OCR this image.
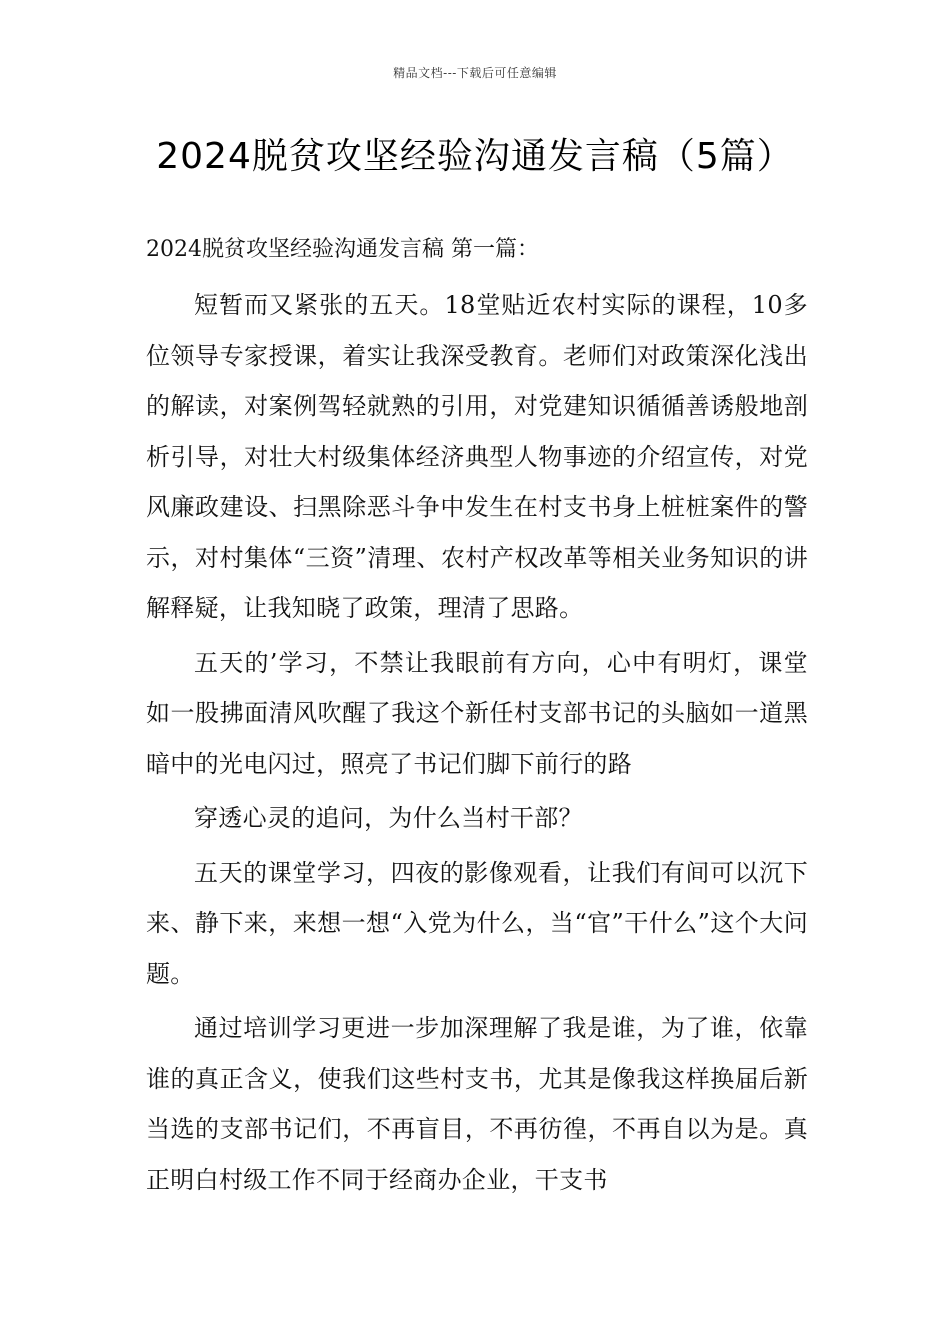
精品文档---下载后可任意编辑
2024脱贫攻坚经验沟通发言稿（5篇）

2024脱贫攻坚经验沟通发言稿 第一篇：

短暂而又紧张的五天。18堂贴近农村实际的课程，10多位领导专家授课，着实让我深受教育。老师们对政策深化浅出的解读，对案例驾轻就熟的引用，对党建知识循循善诱般地剖析引导，对壮大村级集体经济典型人物事迹的介绍宣传，对党风廉政建设、扫黑除恶斗争中发生在村支书身上桩桩案件的警示，对村集体“三资”清理、农村产权改革等相关业务知识的讲解释疑，让我知晓了政策，理清了思路。

五天的’学习，不禁让我眼前有方向，心中有明灯，课堂如一股拂面清风吹醒了我这个新任村支部书记的头脑如一道黑暗中的光电闪过，照亮了书记们脚下前行的路

穿透心灵的追问，为什么当村干部？

五天的课堂学习，四夜的影像观看，让我们有间可以沉下来、静下来，来想一想“入党为什么，当“官”干什么”这个大问题。

通过培训学习更进一步加深理解了我是谁，为了谁，依靠谁的真正含义，使我们这些村支书，尤其是像我这样换届后新当选的支部书记们，不再盲目，不再彷徨，不再自以为是。真正明白村级工作不同于经商办企业，干支书
